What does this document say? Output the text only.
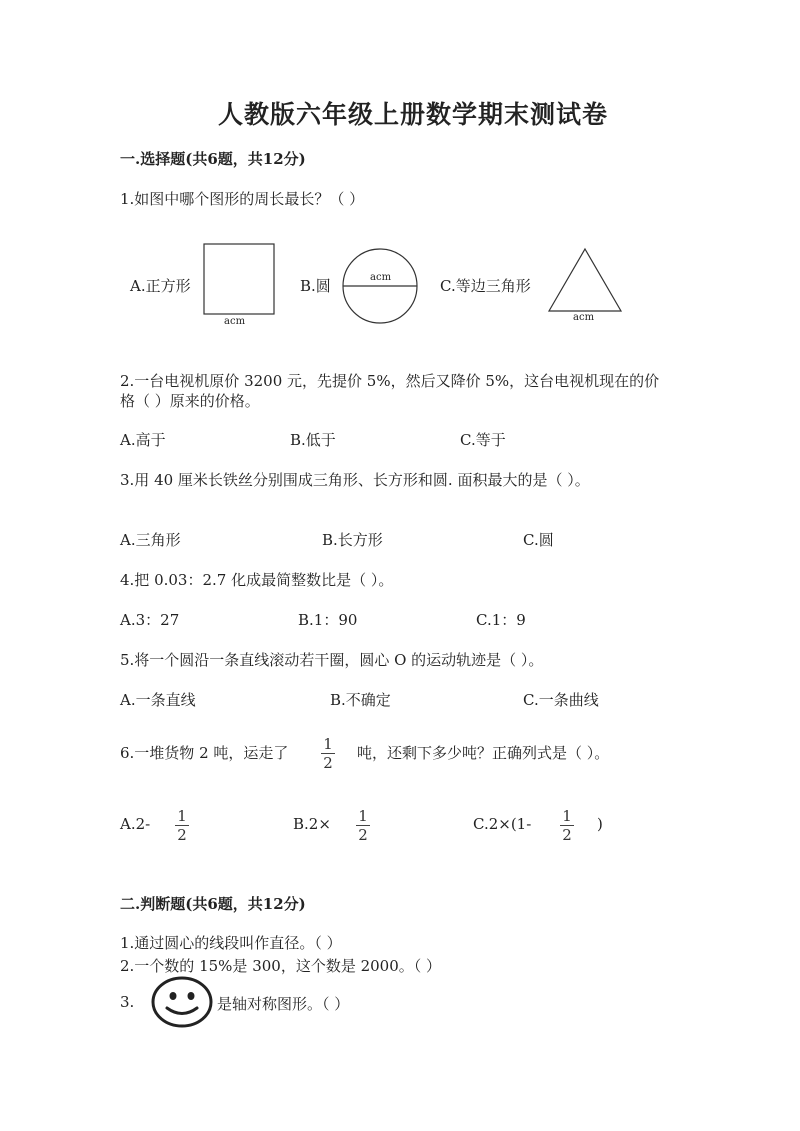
人教版六年级上册数学期末测试卷
一.选择题(共6题，共12分)
1.如图中哪个图形的周长最长？（ ）
A.正方形
acm
B.圆	acm	C.等边三角形
acm
2.一台电视机原价 3200 元，先提价 5%，然后又降价 5%，这台电视机现在的价
格（ ）原来的价格。
A.高于	B.低于	C.等于
3.用 40 厘米长铁丝分别围成三角形、长方形和圆. 面积最大的是（ ）。
A.三角形	B.长方形	C.圆
4.把 0.03：2.7 化成最简整数比是（ ）。
A.3：27	B.1：90	C.1：9
5.将一个圆沿一条直线滚动若干圈，圆心 O 的运动轨迹是（ ）。
A.一条直线	B.不确定	C.一条曲线
6.一堆货物 2 吨，运走了 1
2
吨，还剩下多少吨？正确列式是（ ）。
A.2- 1
2
B.2× 1
2
C.2×(1- 1
2
)
二.判断题(共6题，共12分)
1.通过圆心的线段叫作直径。（ ）
2.一个数的 15%是 300，这个数是 2000。（ ）
3.	是轴对称图形。（ ）
